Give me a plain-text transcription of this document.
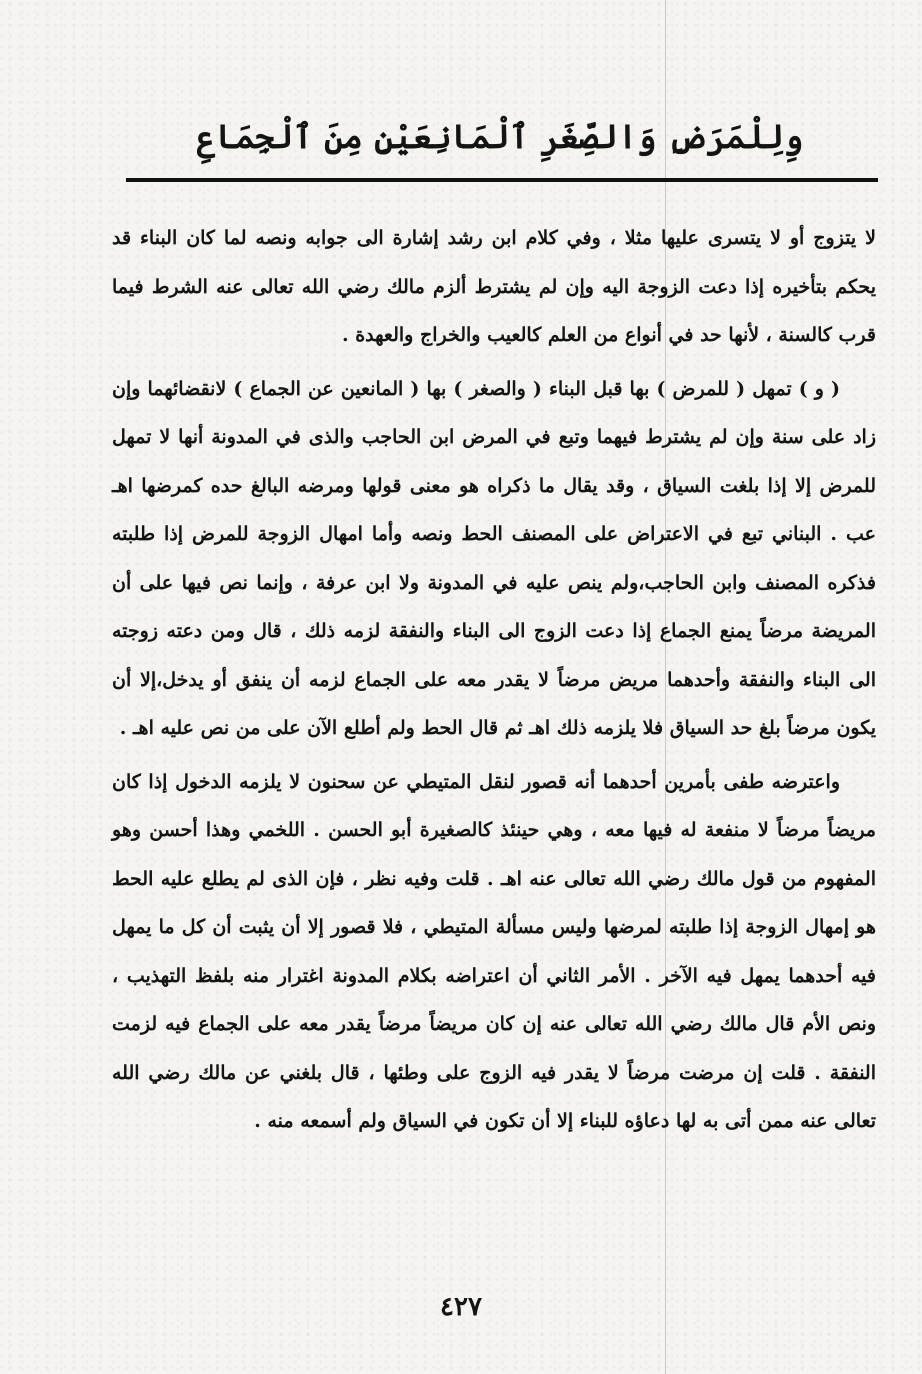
وِلِلْمَرَضِ وَالصِّغَرِ ٱلْمَانِعَيْنِ مِنَ ٱلْجِمَاعِ

لا يتزوج أو لا يتسرى عليها مثلا ، وفي كلام ابن رشد إشارة الى جوابه ونصه لما كان البناء قد يحكم بتأخيره إذا دعت الزوجة اليه وإن لم يشترط ألزم مالك رضي الله تعالى عنه الشرط فيما قرب كالسنة ، لأنها حد في أنواع من العلم كالعيب والخراج والعهدة .

( و ) تمهل ( للمرض ) بها قبل البناء ( والصغر ) بها ( المانعين عن الجماع ) لانقضائهما وإن زاد على سنة وإن لم يشترط فيهما وتبع في المرض ابن الحاجب والذى في المدونة أنها لا تمهل للمرض إلا إذا بلغت السياق ، وقد يقال ما ذكراه هو معنى قولها ومرضه البالغ حده كمرضها اهـ عب . البناني تبع في الاعتراض على المصنف الحط ونصه وأما امهال الزوجة للمرض إذا طلبته فذكره المصنف وابن الحاجب،ولم ينص عليه في المدونة ولا ابن عرفة ، وإنما نص فيها على أن المريضة مرضاً يمنع الجماع إذا دعت الزوج الى البناء والنفقة لزمه ذلك ، قال ومن دعته زوجته الى البناء والنفقة وأحدهما مريض مرضاً لا يقدر معه على الجماع لزمه أن ينفق أو يدخل،إلا أن يكون مرضاً بلغ حد السياق فلا يلزمه ذلك اهـ ثم قال الحط ولم أطلع الآن على من نص عليه اهـ .

واعترضه طفى بأمرين أحدهما أنه قصور لنقل المتيطي عن سحنون لا يلزمه الدخول إذا كان مريضاً مرضاً لا منفعة له فيها معه ، وهي حينئذ كالصغيرة أبو الحسن . اللخمي وهذا أحسن وهو المفهوم من قول مالك رضي الله تعالى عنه اهـ . قلت وفيه نظر ، فإن الذى لم يطلع عليه الحط هو إمهال الزوجة إذا طلبته لمرضها وليس مسألة المتيطي ، فلا قصور إلا أن يثبت أن كل ما يمهل فيه أحدهما يمهل فيه الآخر . الأمر الثاني أن اعتراضه بكلام المدونة اغترار منه بلفظ التهذيب ، ونص الأم قال مالك رضي الله تعالى عنه إن كان مريضاً مرضاً يقدر معه على الجماع فيه لزمت النفقة . قلت إن مرضت مرضاً لا يقدر فيه الزوج على وطئها ، قال بلغني عن مالك رضي الله تعالى عنه ممن أتى به لها دعاؤه للبناء إلا أن تكون في السياق ولم أسمعه منه .

٤٢٧
